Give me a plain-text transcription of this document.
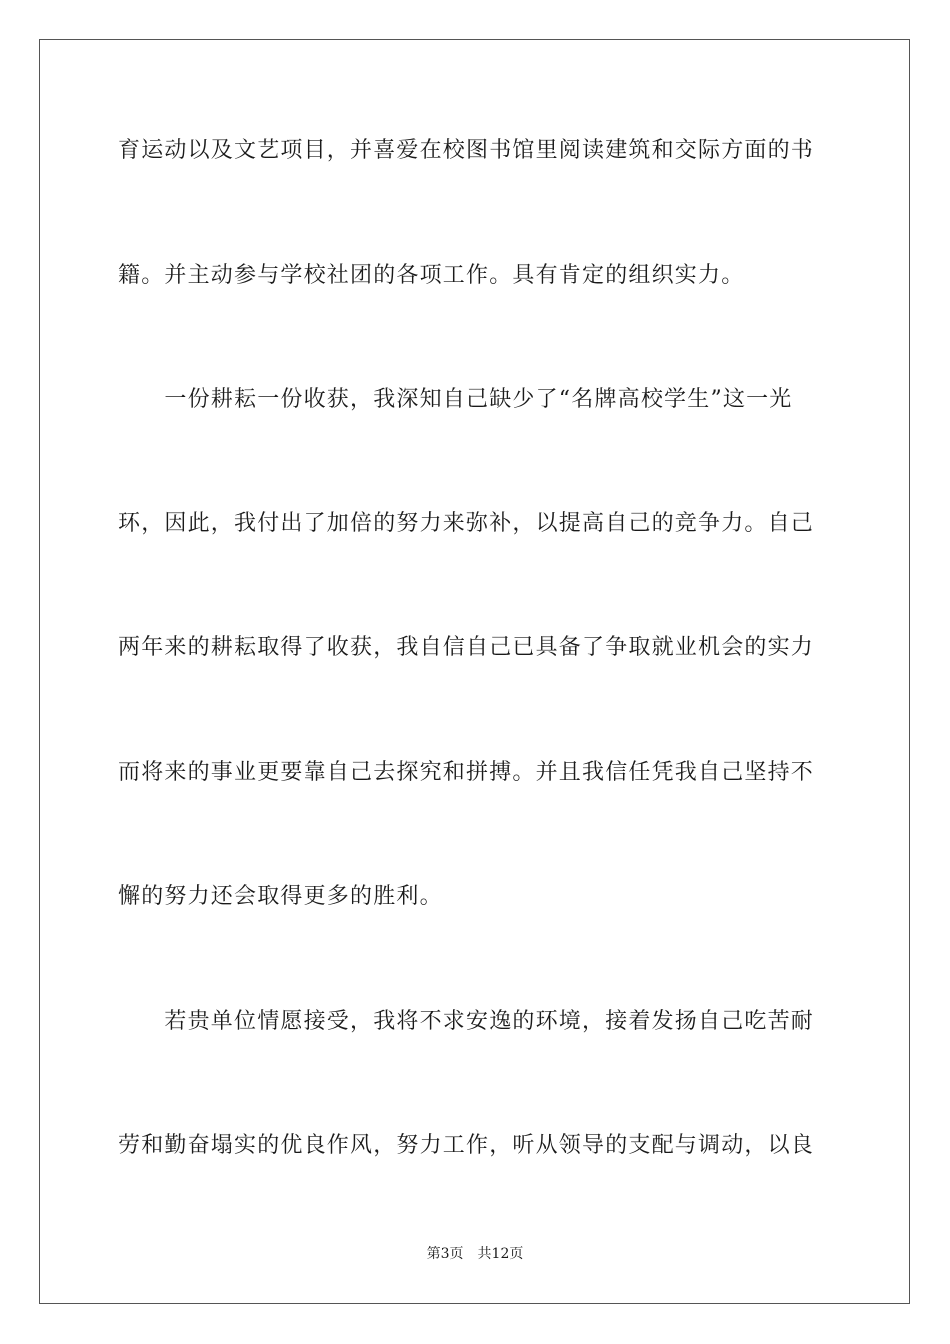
育运动以及文艺项目，并喜爱在校图书馆里阅读建筑和交际方面的书
籍。并主动参与学校社团的各项工作。具有肯定的组织实力。
　　一份耕耘一份收获，我深知自己缺少了“名牌高校学生”这一光
环，因此，我付出了加倍的努力来弥补，以提高自己的竞争力。自己
两年来的耕耘取得了收获，我自信自己已具备了争取就业机会的实力
而将来的事业更要靠自己去探究和拼搏。并且我信任凭我自己坚持不
懈的努力还会取得更多的胜利。
　　若贵单位情愿接受，我将不求安逸的环境，接着发扬自己吃苦耐
劳和勤奋塌实的优良作风，努力工作，听从领导的支配与调动，以良
第3页　共12页
